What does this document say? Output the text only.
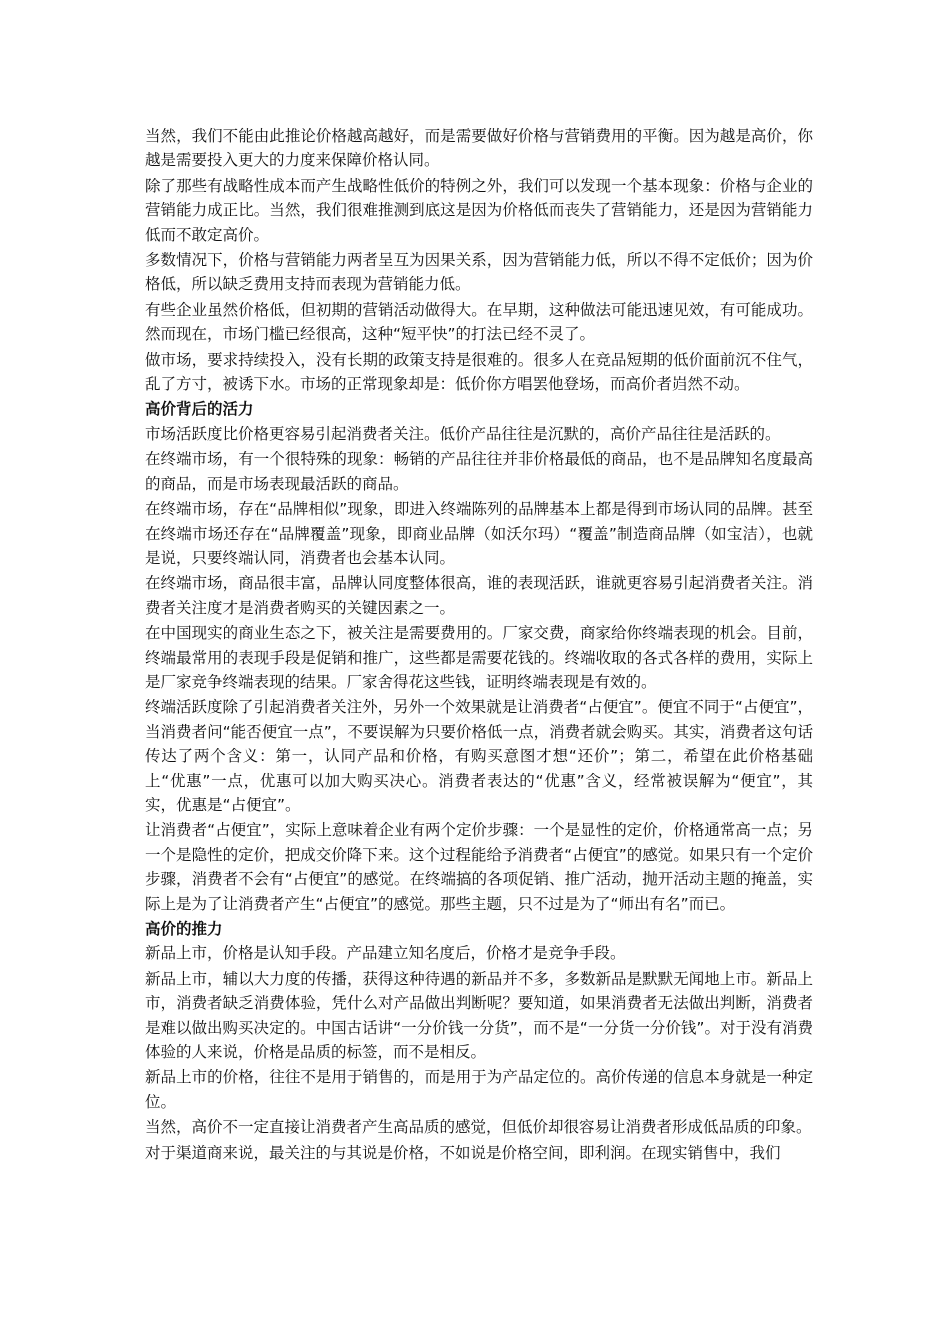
当然，我们不能由此推论价格越高越好，而是需要做好价格与营销费用的平衡。因为越是高价，你越是需要投入更大的力度来保障价格认同。

除了那些有战略性成本而产生战略性低价的特例之外，我们可以发现一个基本现象：价格与企业的营销能力成正比。当然，我们很难推测到底这是因为价格低而丧失了营销能力，还是因为营销能力低而不敢定高价。

多数情况下，价格与营销能力两者呈互为因果关系，因为营销能力低，所以不得不定低价；因为价格低，所以缺乏费用支持而表现为营销能力低。

有些企业虽然价格低，但初期的营销活动做得大。在早期，这种做法可能迅速见效，有可能成功。然而现在，市场门槛已经很高，这种“短平快”的打法已经不灵了。

做市场，要求持续投入，没有长期的政策支持是很难的。很多人在竞品短期的低价面前沉不住气，乱了方寸，被诱下水。市场的正常现象却是：低价你方唱罢他登场，而高价者岿然不动。

高价背后的活力

市场活跃度比价格更容易引起消费者关注。低价产品往往是沉默的，高价产品往往是活跃的。

在终端市场，有一个很特殊的现象：畅销的产品往往并非价格最低的商品，也不是品牌知名度最高的商品，而是市场表现最活跃的商品。

在终端市场，存在“品牌相似”现象，即进入终端陈列的品牌基本上都是得到市场认同的品牌。甚至在终端市场还存在“品牌覆盖”现象，即商业品牌（如沃尔玛）“覆盖”制造商品牌（如宝洁），也就是说，只要终端认同，消费者也会基本认同。

在终端市场，商品很丰富，品牌认同度整体很高，谁的表现活跃，谁就更容易引起消费者关注。消费者关注度才是消费者购买的关键因素之一。

在中国现实的商业生态之下，被关注是需要费用的。厂家交费，商家给你终端表现的机会。目前，终端最常用的表现手段是促销和推广，这些都是需要花钱的。终端收取的各式各样的费用，实际上是厂家竞争终端表现的结果。厂家舍得花这些钱，证明终端表现是有效的。

终端活跃度除了引起消费者关注外，另外一个效果就是让消费者“占便宜”。便宜不同于“占便宜”，当消费者问“能否便宜一点”，不要误解为只要价格低一点，消费者就会购买。其实，消费者这句话传达了两个含义：第一，认同产品和价格，有购买意图才想“还价”；第二，希望在此价格基础上“优惠”一点，优惠可以加大购买决心。消费者表达的“优惠”含义，经常被误解为“便宜”，其实，优惠是“占便宜”。

让消费者“占便宜”，实际上意味着企业有两个定价步骤：一个是显性的定价，价格通常高一点；另一个是隐性的定价，把成交价降下来。这个过程能给予消费者“占便宜”的感觉。如果只有一个定价步骤，消费者不会有“占便宜”的感觉。在终端搞的各项促销、推广活动，抛开活动主题的掩盖，实际上是为了让消费者产生“占便宜”的感觉。那些主题，只不过是为了“师出有名”而已。

高价的推力

新品上市，价格是认知手段。产品建立知名度后，价格才是竞争手段。

新品上市，辅以大力度的传播，获得这种待遇的新品并不多，多数新品是默默无闻地上市。新品上市，消费者缺乏消费体验，凭什么对产品做出判断呢？要知道，如果消费者无法做出判断，消费者是难以做出购买决定的。中国古话讲“一分价钱一分货”，而不是“一分货一分价钱”。对于没有消费体验的人来说，价格是品质的标签，而不是相反。

新品上市的价格，往往不是用于销售的，而是用于为产品定位的。高价传递的信息本身就是一种定位。

当然，高价不一定直接让消费者产生高品质的感觉，但低价却很容易让消费者形成低品质的印象。

对于渠道商来说，最关注的与其说是价格，不如说是价格空间，即利润。在现实销售中，我们
